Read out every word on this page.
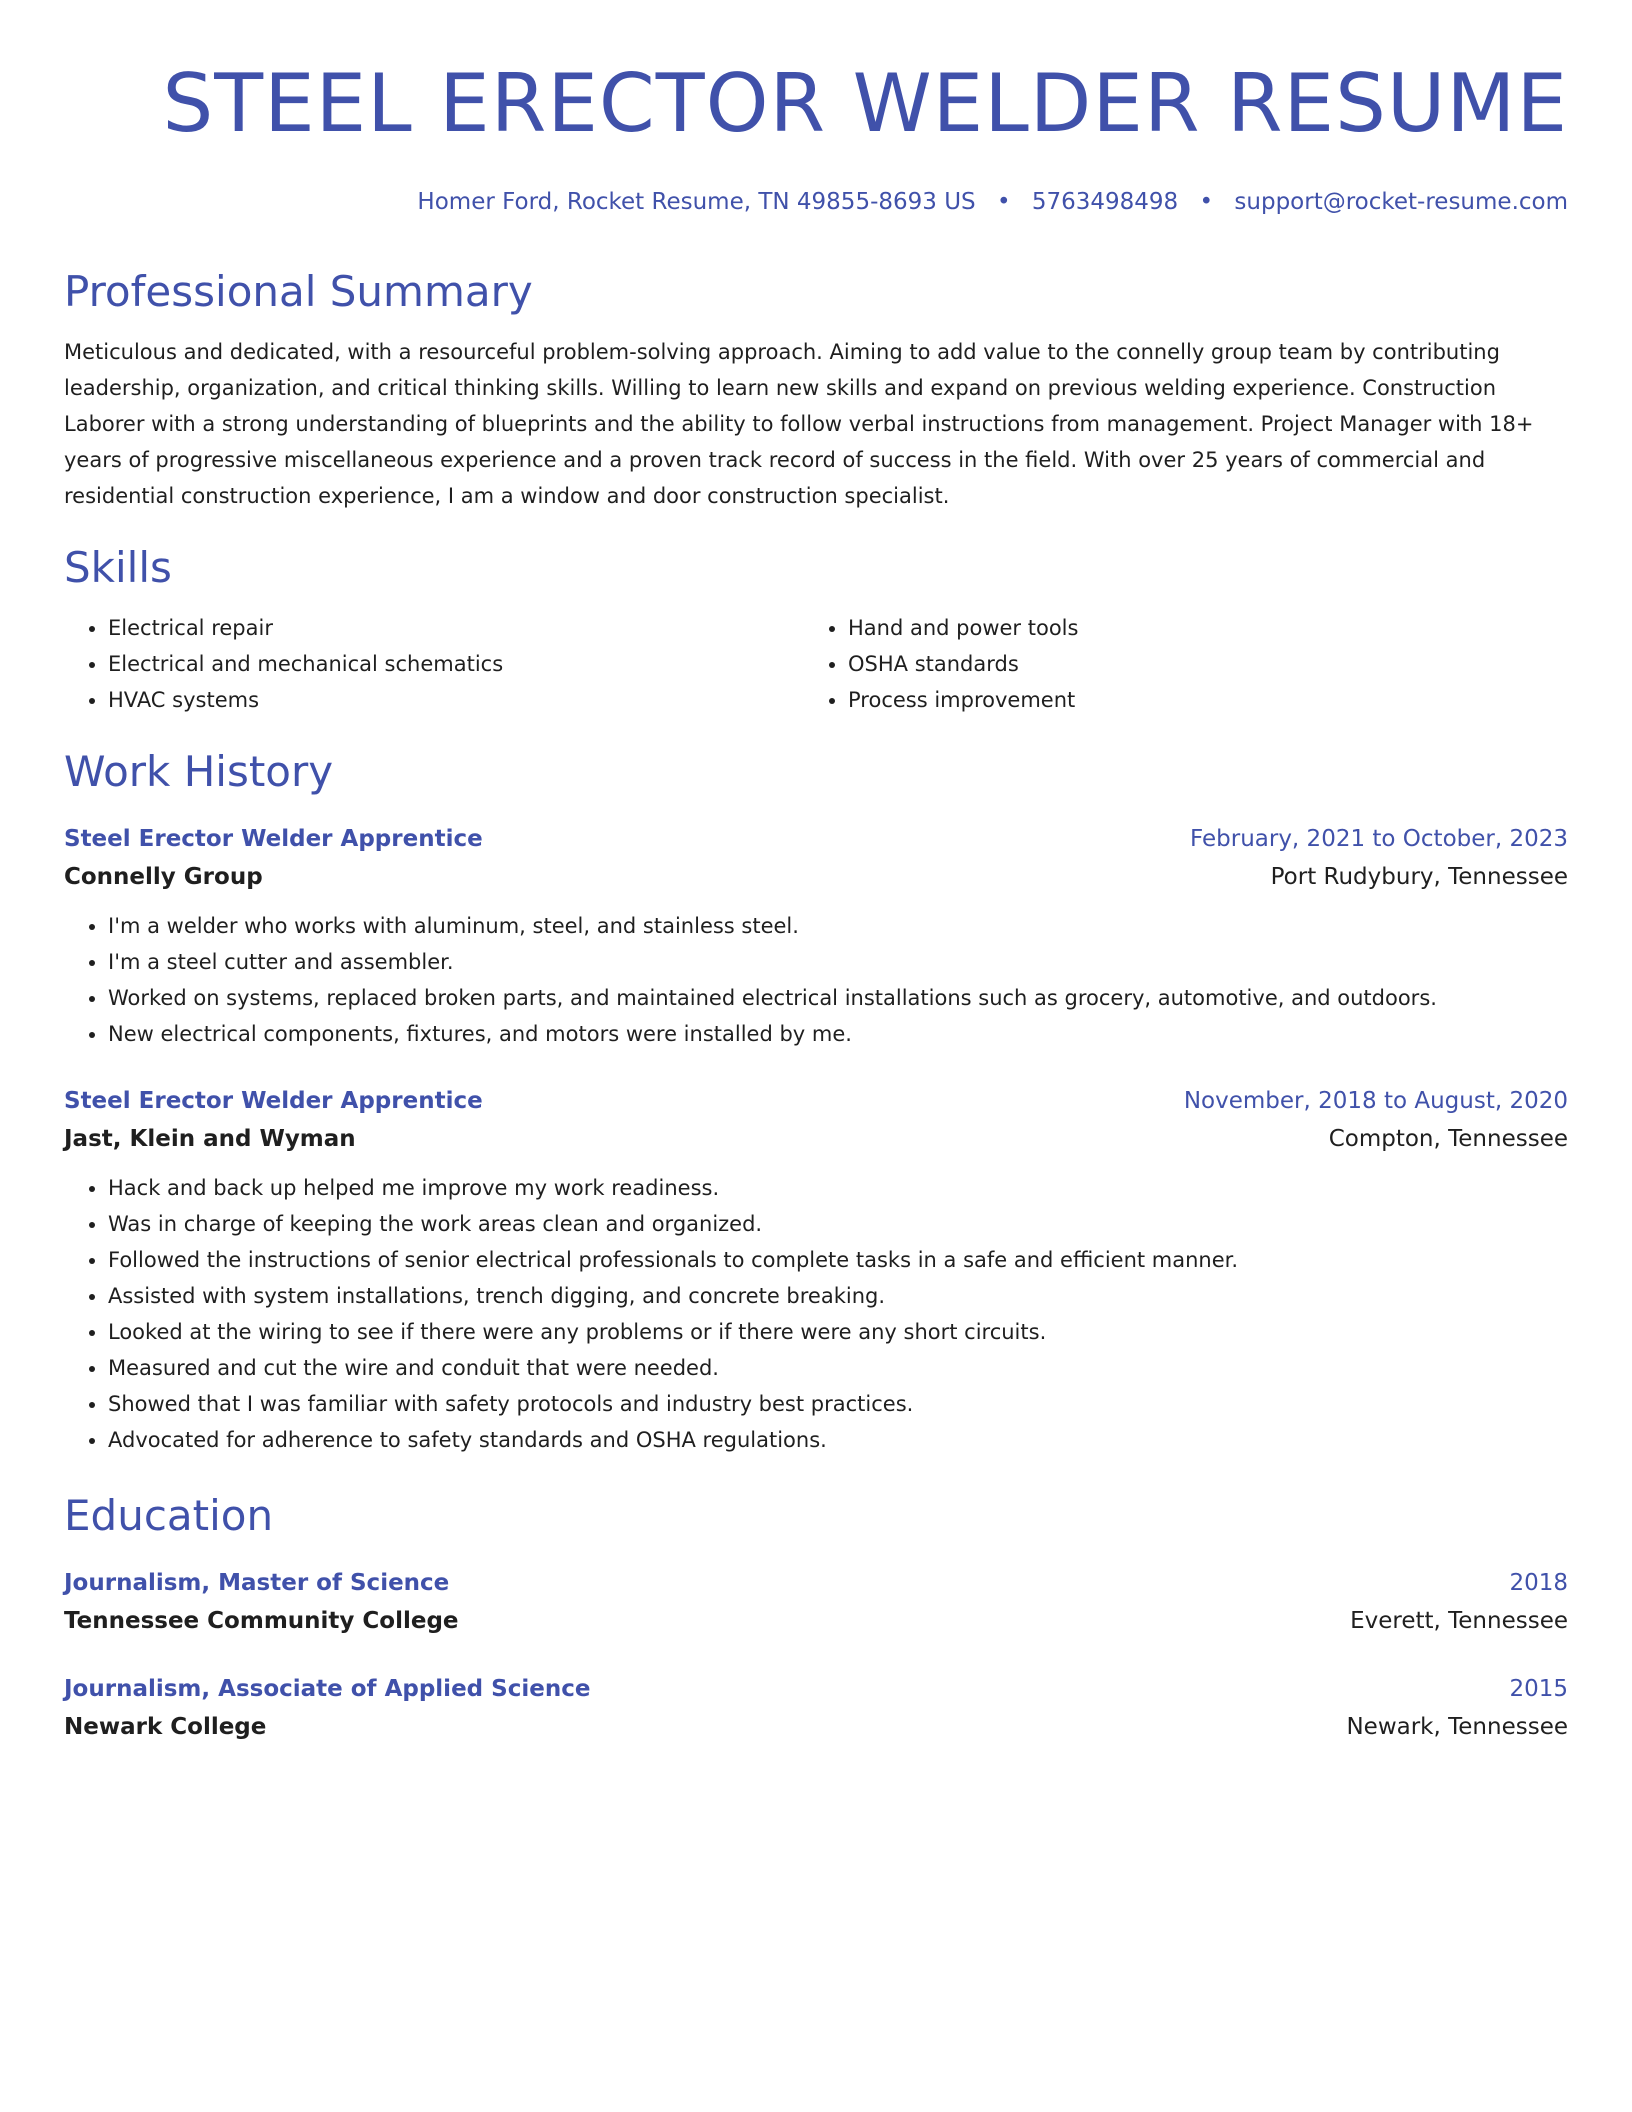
STEEL ERECTOR WELDER RESUME
Homer Ford, Rocket Resume, TN 49855-8693 US • 5763498498 • support@rocket-resume.com
Professional Summary
Meticulous and dedicated, with a resourceful problem-solving approach. Aiming to add value to the connelly group team by contributing leadership, organization, and critical thinking skills. Willing to learn new skills and expand on previous welding experience. Construction Laborer with a strong understanding of blueprints and the ability to follow verbal instructions from management. Project Manager with 18+ years of progressive miscellaneous experience and a proven track record of success in the field. With over 25 years of commercial and residential construction experience, I am a window and door construction specialist.
Skills
• Electrical repair
• Electrical and mechanical schematics
• HVAC systems
• Hand and power tools
• OSHA standards
• Process improvement
Work History
Steel Erector Welder Apprentice	February, 2021 to October, 2023
Connelly Group	Port Rudybury, Tennessee
• I'm a welder who works with aluminum, steel, and stainless steel.
• I'm a steel cutter and assembler.
• Worked on systems, replaced broken parts, and maintained electrical installations such as grocery, automotive, and outdoors.
• New electrical components, fixtures, and motors were installed by me.
Steel Erector Welder Apprentice	November, 2018 to August, 2020
Jast, Klein and Wyman	Compton, Tennessee
• Hack and back up helped me improve my work readiness.
• Was in charge of keeping the work areas clean and organized.
• Followed the instructions of senior electrical professionals to complete tasks in a safe and efficient manner.
• Assisted with system installations, trench digging, and concrete breaking.
• Looked at the wiring to see if there were any problems or if there were any short circuits.
• Measured and cut the wire and conduit that were needed.
• Showed that I was familiar with safety protocols and industry best practices.
• Advocated for adherence to safety standards and OSHA regulations.
Education
Journalism, Master of Science	2018
Tennessee Community College	Everett, Tennessee
Journalism, Associate of Applied Science	2015
Newark College	Newark, Tennessee
